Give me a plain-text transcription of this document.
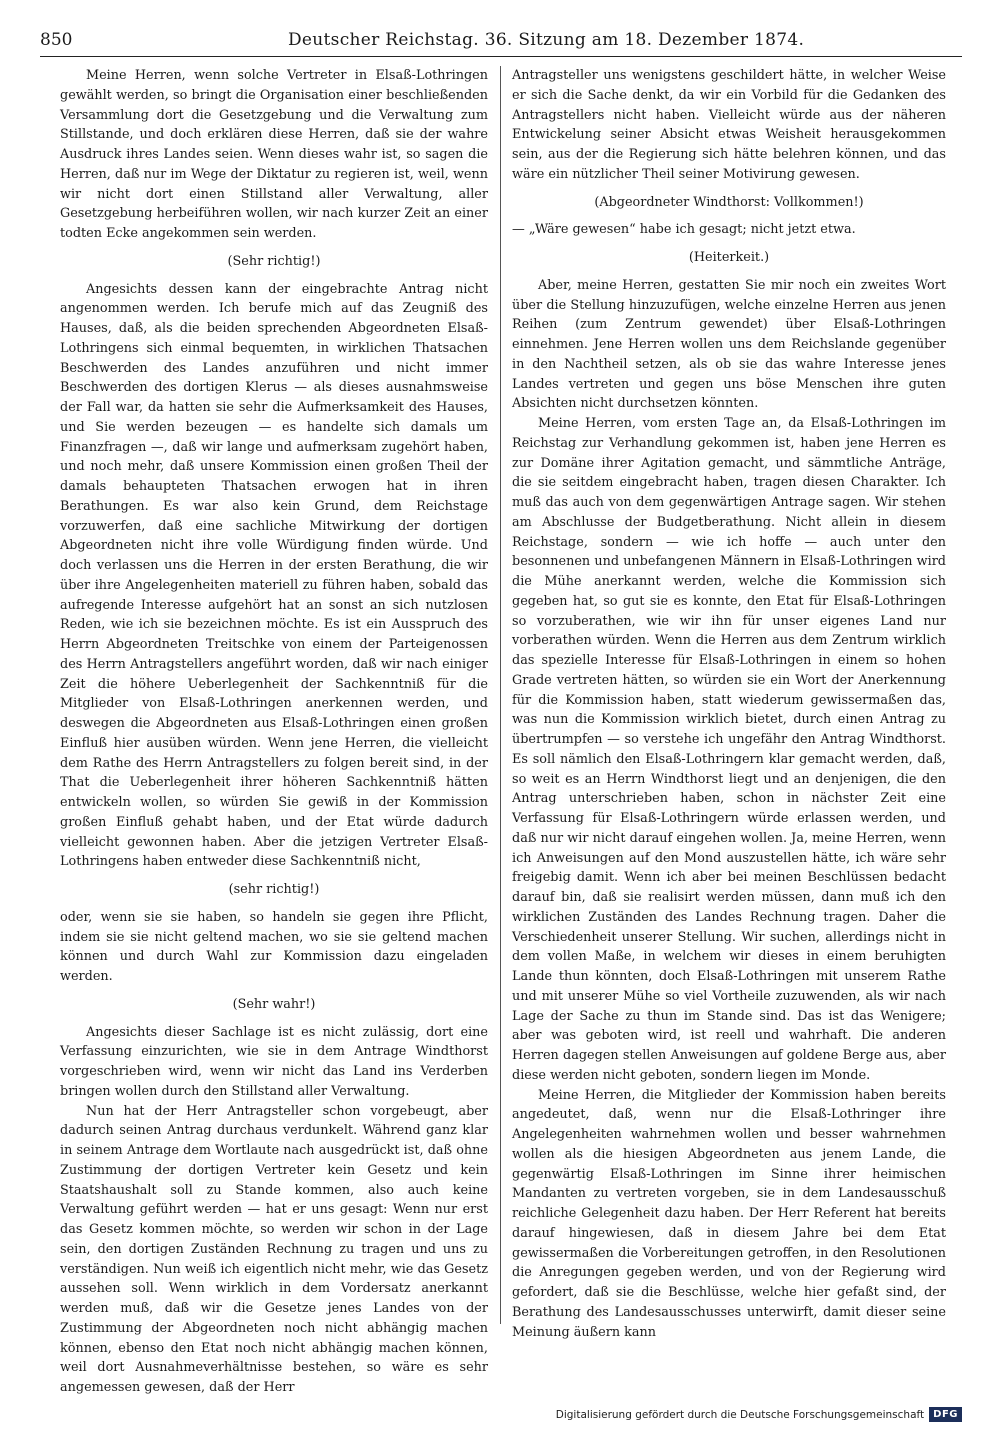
850	Deutscher Reichstag. 36. Sitzung am 18. Dezember 1874.

Meine Herren, wenn solche Vertreter in Elsaß-Lothringen gewählt werden, so bringt die Organisation einer beschließenden Versammlung dort die Gesetzgebung und die Verwaltung zum Stillstande, und doch erklären diese Herren, daß sie der wahre Ausdruck ihres Landes seien. Wenn dieses wahr ist, so sagen die Herren, daß nur im Wege der Diktatur zu regieren ist, weil, wenn wir nicht dort einen Stillstand aller Verwaltung, aller Gesetzgebung herbeiführen wollen, wir nach kurzer Zeit an einer todten Ecke angekommen sein werden.

(Sehr richtig!)

Angesichts dessen kann der eingebrachte Antrag nicht angenommen werden. Ich berufe mich auf das Zeugniß des Hauses, daß, als die beiden sprechenden Abgeordneten Elsaß-Lothringens sich einmal bequemten, in wirklichen Thatsachen Beschwerden des Landes anzuführen und nicht immer Beschwerden des dortigen Klerus — als dieses ausnahmsweise der Fall war, da hatten sie sehr die Aufmerksamkeit des Hauses, und Sie werden bezeugen — es handelte sich damals um Finanzfragen —, daß wir lange und aufmerksam zugehört haben, und noch mehr, daß unsere Kommission einen großen Theil der damals behaupteten Thatsachen erwogen hat in ihren Berathungen. Es war also kein Grund, dem Reichstage vorzuwerfen, daß eine sachliche Mitwirkung der dortigen Abgeordneten nicht ihre volle Würdigung finden würde. Und doch verlassen uns die Herren in der ersten Berathung, die wir über ihre Angelegenheiten materiell zu führen haben, sobald das aufregende Interesse aufgehört hat an sonst an sich nutzlosen Reden, wie ich sie bezeichnen möchte. Es ist ein Ausspruch des Herrn Abgeordneten Treitschke von einem der Parteigenossen des Herrn Antragstellers angeführt worden, daß wir nach einiger Zeit die höhere Ueberlegenheit der Sachkenntniß für die Mitglieder von Elsaß-Lothringen anerkennen werden, und deswegen die Abgeordneten aus Elsaß-Lothringen einen großen Einfluß hier ausüben würden. Wenn jene Herren, die vielleicht dem Rathe des Herrn Antragstellers zu folgen bereit sind, in der That die Ueberlegenheit ihrer höheren Sachkenntniß hätten entwickeln wollen, so würden Sie gewiß in der Kommission großen Einfluß gehabt haben, und der Etat würde dadurch vielleicht gewonnen haben. Aber die jetzigen Vertreter Elsaß-Lothringens haben entweder diese Sachkenntniß nicht,

(sehr richtig!)

oder, wenn sie sie haben, so handeln sie gegen ihre Pflicht, indem sie sie nicht geltend machen, wo sie sie geltend machen können und durch Wahl zur Kommission dazu eingeladen werden.

(Sehr wahr!)

Angesichts dieser Sachlage ist es nicht zulässig, dort eine Verfassung einzurichten, wie sie in dem Antrage Windthorst vorgeschrieben wird, wenn wir nicht das Land ins Verderben bringen wollen durch den Stillstand aller Verwaltung.

Nun hat der Herr Antragsteller schon vorgebeugt, aber dadurch seinen Antrag durchaus verdunkelt. Während ganz klar in seinem Antrage dem Wortlaute nach ausgedrückt ist, daß ohne Zustimmung der dortigen Vertreter kein Gesetz und kein Staatshaushalt soll zu Stande kommen, also auch keine Verwaltung geführt werden — hat er uns gesagt: Wenn nur erst das Gesetz kommen möchte, so werden wir schon in der Lage sein, den dortigen Zuständen Rechnung zu tragen und uns zu verständigen. Nun weiß ich eigentlich nicht mehr, wie das Gesetz aussehen soll. Wenn wirklich in dem Vordersatz anerkannt werden muß, daß wir die Gesetze jenes Landes von der Zustimmung der Abgeordneten noch nicht abhängig machen können, ebenso den Etat noch nicht abhängig machen können, weil dort Ausnahmeverhältnisse bestehen, so wäre es sehr angemessen gewesen, daß der Herr

Antragsteller uns wenigstens geschildert hätte, in welcher Weise er sich die Sache denkt, da wir ein Vorbild für die Gedanken des Antragstellers nicht haben. Vielleicht würde aus der näheren Entwickelung seiner Absicht etwas Weisheit herausgekommen sein, aus der die Regierung sich hätte belehren können, und das wäre ein nützlicher Theil seiner Motivirung gewesen.

(Abgeordneter Windthorst: Vollkommen!)

— „Wäre gewesen“ habe ich gesagt; nicht jetzt etwa.

(Heiterkeit.)

Aber, meine Herren, gestatten Sie mir noch ein zweites Wort über die Stellung hinzuzufügen, welche einzelne Herren aus jenen Reihen (zum Zentrum gewendet) über Elsaß-Lothringen einnehmen. Jene Herren wollen uns dem Reichslande gegenüber in den Nachtheil setzen, als ob sie das wahre Interesse jenes Landes vertreten und gegen uns böse Menschen ihre guten Absichten nicht durchsetzen könnten.

Meine Herren, vom ersten Tage an, da Elsaß-Lothringen im Reichstag zur Verhandlung gekommen ist, haben jene Herren es zur Domäne ihrer Agitation gemacht, und sämmtliche Anträge, die sie seitdem eingebracht haben, tragen diesen Charakter. Ich muß das auch von dem gegenwärtigen Antrage sagen. Wir stehen am Abschlusse der Budgetberathung. Nicht allein in diesem Reichstage, sondern — wie ich hoffe — auch unter den besonnenen und unbefangenen Männern in Elsaß-Lothringen wird die Mühe anerkannt werden, welche die Kommission sich gegeben hat, so gut sie es konnte, den Etat für Elsaß-Lothringen so vorzuberathen, wie wir ihn für unser eigenes Land nur vorberathen würden. Wenn die Herren aus dem Zentrum wirklich das spezielle Interesse für Elsaß-Lothringen in einem so hohen Grade vertreten hätten, so würden sie ein Wort der Anerkennung für die Kommission haben, statt wiederum gewissermaßen das, was nun die Kommission wirklich bietet, durch einen Antrag zu übertrumpfen — so verstehe ich ungefähr den Antrag Windthorst. Es soll nämlich den Elsaß-Lothringern klar gemacht werden, daß, so weit es an Herrn Windthorst liegt und an denjenigen, die den Antrag unterschrieben haben, schon in nächster Zeit eine Verfassung für Elsaß-Lothringern würde erlassen werden, und daß nur wir nicht darauf eingehen wollen. Ja, meine Herren, wenn ich Anweisungen auf den Mond auszustellen hätte, ich wäre sehr freigebig damit. Wenn ich aber bei meinen Beschlüssen bedacht darauf bin, daß sie realisirt werden müssen, dann muß ich den wirklichen Zuständen des Landes Rechnung tragen. Daher die Verschiedenheit unserer Stellung. Wir suchen, allerdings nicht in dem vollen Maße, in welchem wir dieses in einem beruhigten Lande thun könnten, doch Elsaß-Lothringen mit unserem Rathe und mit unserer Mühe so viel Vortheile zuzuwenden, als wir nach Lage der Sache zu thun im Stande sind. Das ist das Wenigere; aber was geboten wird, ist reell und wahrhaft. Die anderen Herren dagegen stellen Anweisungen auf goldene Berge aus, aber diese werden nicht geboten, sondern liegen im Monde.

Meine Herren, die Mitglieder der Kommission haben bereits angedeutet, daß, wenn nur die Elsaß-Lothringer ihre Angelegenheiten wahrnehmen wollen und besser wahrnehmen wollen als die hiesigen Abgeordneten aus jenem Lande, die gegenwärtig Elsaß-Lothringen im Sinne ihrer heimischen Mandanten zu vertreten vorgeben, sie in dem Landesausschuß reichliche Gelegenheit dazu haben. Der Herr Referent hat bereits darauf hingewiesen, daß in diesem Jahre bei dem Etat gewissermaßen die Vorbereitungen getroffen, in den Resolutionen die Anregungen gegeben werden, und von der Regierung wird gefordert, daß sie die Beschlüsse, welche hier gefaßt sind, der Berathung des Landesausschusses unterwirft, damit dieser seine Meinung äußern kann

Digitalisierung gefördert durch die Deutsche Forschungsgemeinschaft DFG
